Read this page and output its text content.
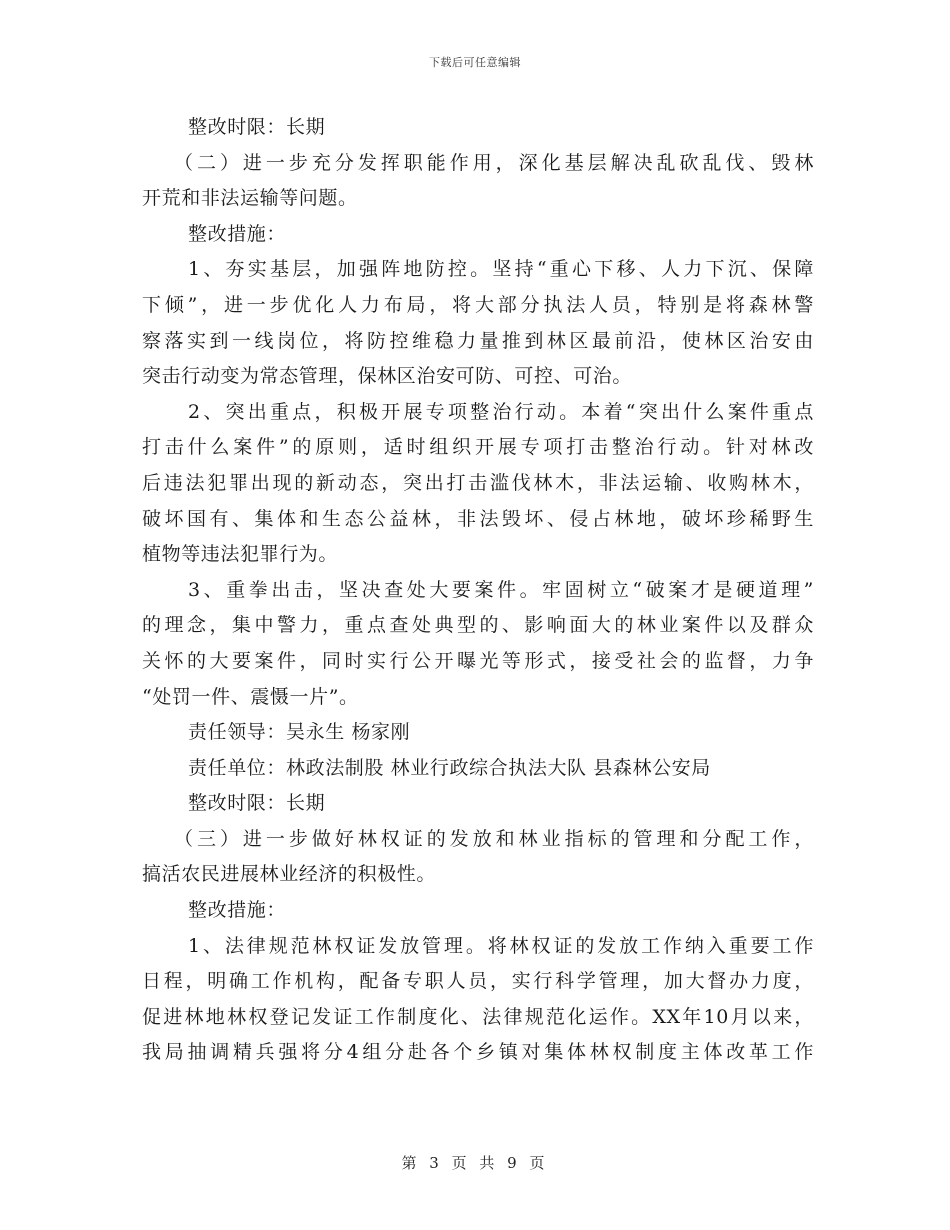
下载后可任意编辑
整改时限：长期
（二）进一步充分发挥职能作用，深化基层解决乱砍乱伐、毁林
开荒和非法运输等问题。
整改措施：
1、夯实基层，加强阵地防控。坚持“重心下移、人力下沉、保障
下倾”，进一步优化人力布局，将大部分执法人员，特别是将森林警
察落实到一线岗位，将防控维稳力量推到林区最前沿，使林区治安由
突击行动变为常态管理，保林区治安可防、可控、可治。
2、突出重点，积极开展专项整治行动。本着“突出什么案件重点
打击什么案件”的原则，适时组织开展专项打击整治行动。针对林改
后违法犯罪出现的新动态，突出打击滥伐林木，非法运输、收购林木，
破坏国有、集体和生态公益林，非法毁坏、侵占林地，破坏珍稀野生
植物等违法犯罪行为。
3、重拳出击，坚决查处大要案件。牢固树立“破案才是硬道理”
的理念，集中警力，重点查处典型的、影响面大的林业案件以及群众
关怀的大要案件，同时实行公开曝光等形式，接受社会的监督，力争
“处罚一件、震慑一片”。
责任领导：吴永生 杨家刚
责任单位：林政法制股 林业行政综合执法大队 县森林公安局
整改时限：长期
（三）进一步做好林权证的发放和林业指标的管理和分配工作，
搞活农民进展林业经济的积极性。
整改措施：
1、法律规范林权证发放管理。将林权证的发放工作纳入重要工作
日程，明确工作机构，配备专职人员，实行科学管理，加大督办力度，
促进林地林权登记发证工作制度化、法律规范化运作。XX年10月以来，
我局抽调精兵强将分4组分赴各个乡镇对集体林权制度主体改革工作
第 3 页 共 9 页
